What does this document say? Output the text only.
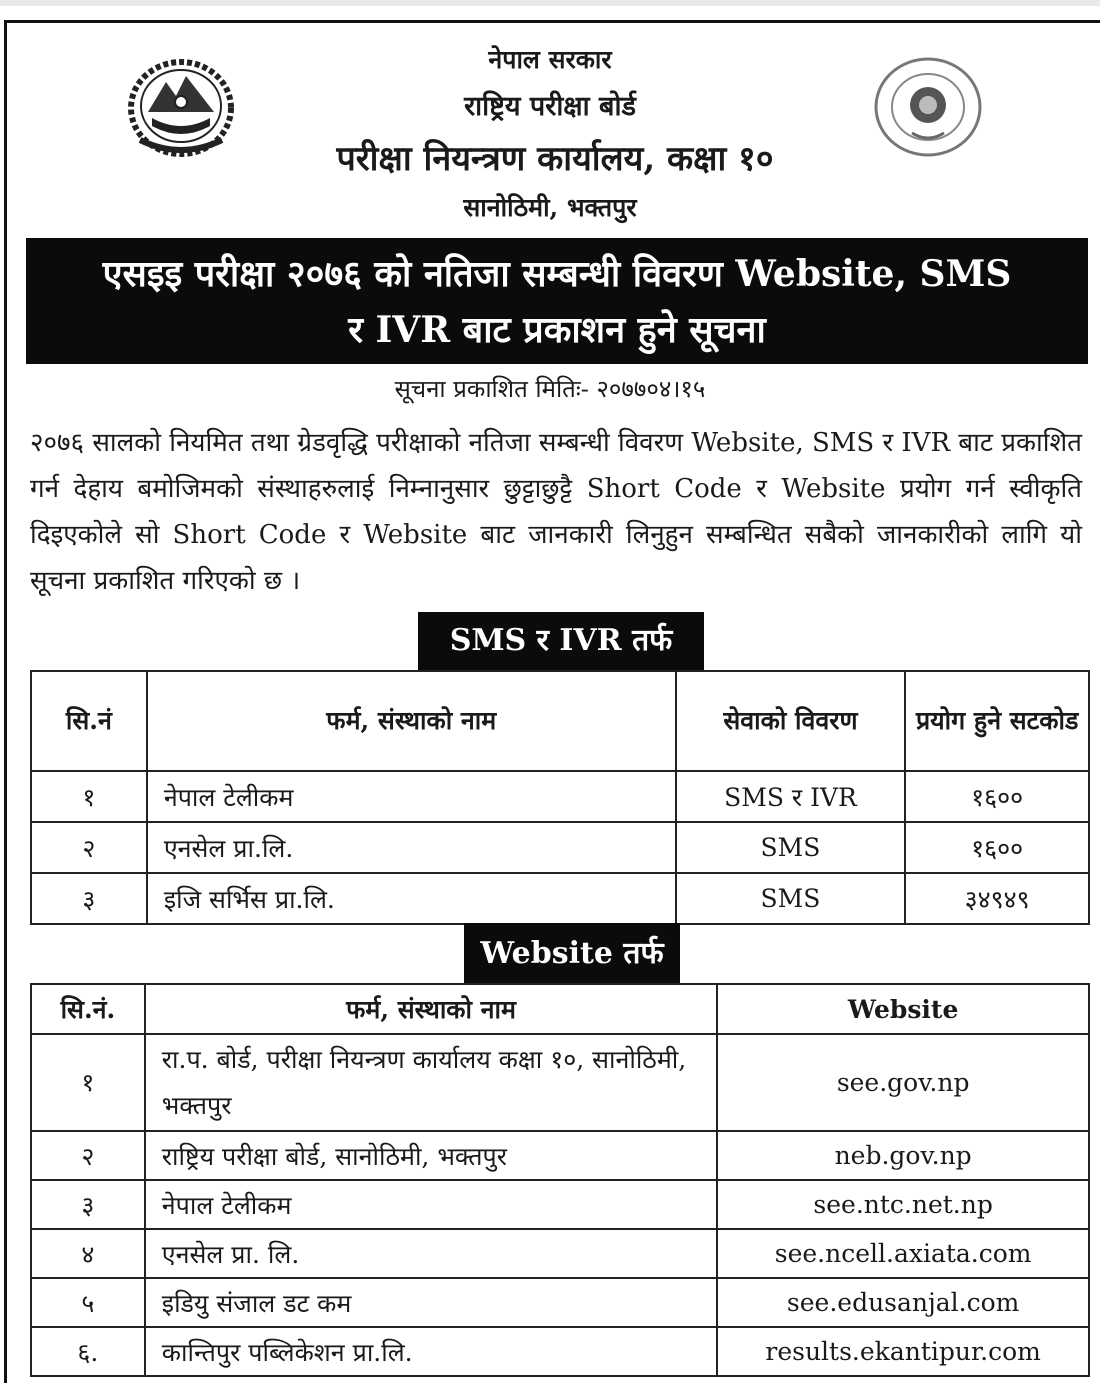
नेपाल सरकार
राष्ट्रिय परीक्षा बोर्ड
परीक्षा नियन्त्रण कार्यालय, कक्षा १०
सानोठिमी, भक्तपुर
एसइइ परीक्षा २०७६ को नतिजा सम्बन्धी विवरण Website, SMS
र IVR बाट प्रकाशन हुने सूचना
सूचना प्रकाशित मितिः- २०७७०४।१५
२०७६ सालको नियमित तथा ग्रेडवृद्धि परीक्षाको नतिजा सम्बन्धी विवरण Website, SMS र IVR बाट प्रकाशित गर्न देहाय बमोजिमको संस्थाहरुलाई निम्नानुसार छुट्टाछुट्टै Short Code र Website प्रयोग गर्न स्वीकृति दिइएकोले सो Short Code र Website बाट जानकारी लिनुहुन सम्बन्धित सबैको जानकारीको लागि यो सूचना प्रकाशित गरिएको छ ।
SMS र IVR तर्फ
सि.नं	फर्म, संस्थाको नाम	सेवाको विवरण	प्रयोग हुने सटकोड
१	नेपाल टेलीकम	SMS र IVR	१६००
२	एनसेल प्रा.लि.	SMS	१६००
३	इजि सर्भिस प्रा.लि.	SMS	३४९४९
Website तर्फ
सि.नं.	फर्म, संस्थाको नाम	Website
१	रा.प. बोर्ड, परीक्षा नियन्त्रण कार्यालय कक्षा १०, सानोठिमी, भक्तपुर	see.gov.np
२	राष्ट्रिय परीक्षा बोर्ड, सानोठिमी, भक्तपुर	neb.gov.np
३	नेपाल टेलीकम	see.ntc.net.np
४	एनसेल प्रा. लि.	see.ncell.axiata.com
५	इडियु संजाल डट कम	see.edusanjal.com
६.	कान्तिपुर पब्लिकेशन प्रा.लि.	results.ekantipur.com
